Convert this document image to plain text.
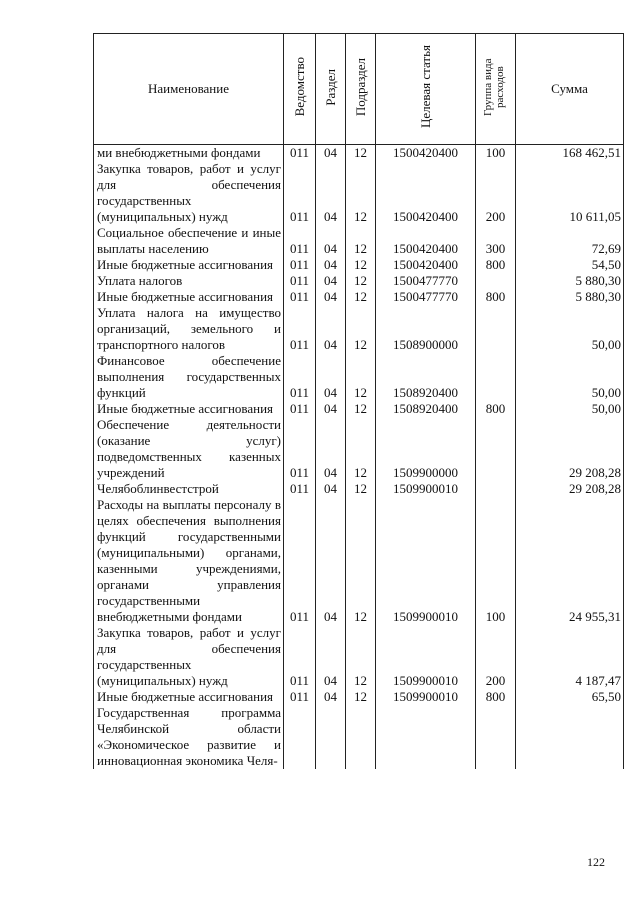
Наименование	Ведомство	Раздел	Подраздел	Целевая статья	Группа вида расходов	Сумма
ми внебюджетными фондами	011	04	12	1500420400	100	168 462,51
Закупка товаров, работ и услуг для обеспечения государственных (муниципальных) нужд	011	04	12	1500420400	200	10 611,05
Социальное обеспечение и иные выплаты населению	011	04	12	1500420400	300	72,69
Иные бюджетные ассигнования	011	04	12	1500420400	800	54,50
Уплата налогов	011	04	12	1500477770		5 880,30
Иные бюджетные ассигнования	011	04	12	1500477770	800	5 880,30
Уплата налога на имущество организаций, земельного и транспортного налогов	011	04	12	1508900000		50,00
Финансовое обеспечение выполнения государственных функций	011	04	12	1508920400		50,00
Иные бюджетные ассигнования	011	04	12	1508920400	800	50,00
Обеспечение деятельности (оказание услуг) подведомственных казенных учреждений	011	04	12	1509900000		29 208,28
Челябоблинвестстрой	011	04	12	1509900010		29 208,28
Расходы на выплаты персоналу в целях обеспечения выполнения функций государственными (муниципальными) органами, казенными учреждениями, органами управления государственными внебюджетными фондами	011	04	12	1509900010	100	24 955,31
Закупка товаров, работ и услуг для обеспечения государственных (муниципальных) нужд	011	04	12	1509900010	200	4 187,47
Иные бюджетные ассигнования	011	04	12	1509900010	800	65,50
Государственная программа Челябинской области «Экономическое развитие и инновационная экономика Челя-						
122
